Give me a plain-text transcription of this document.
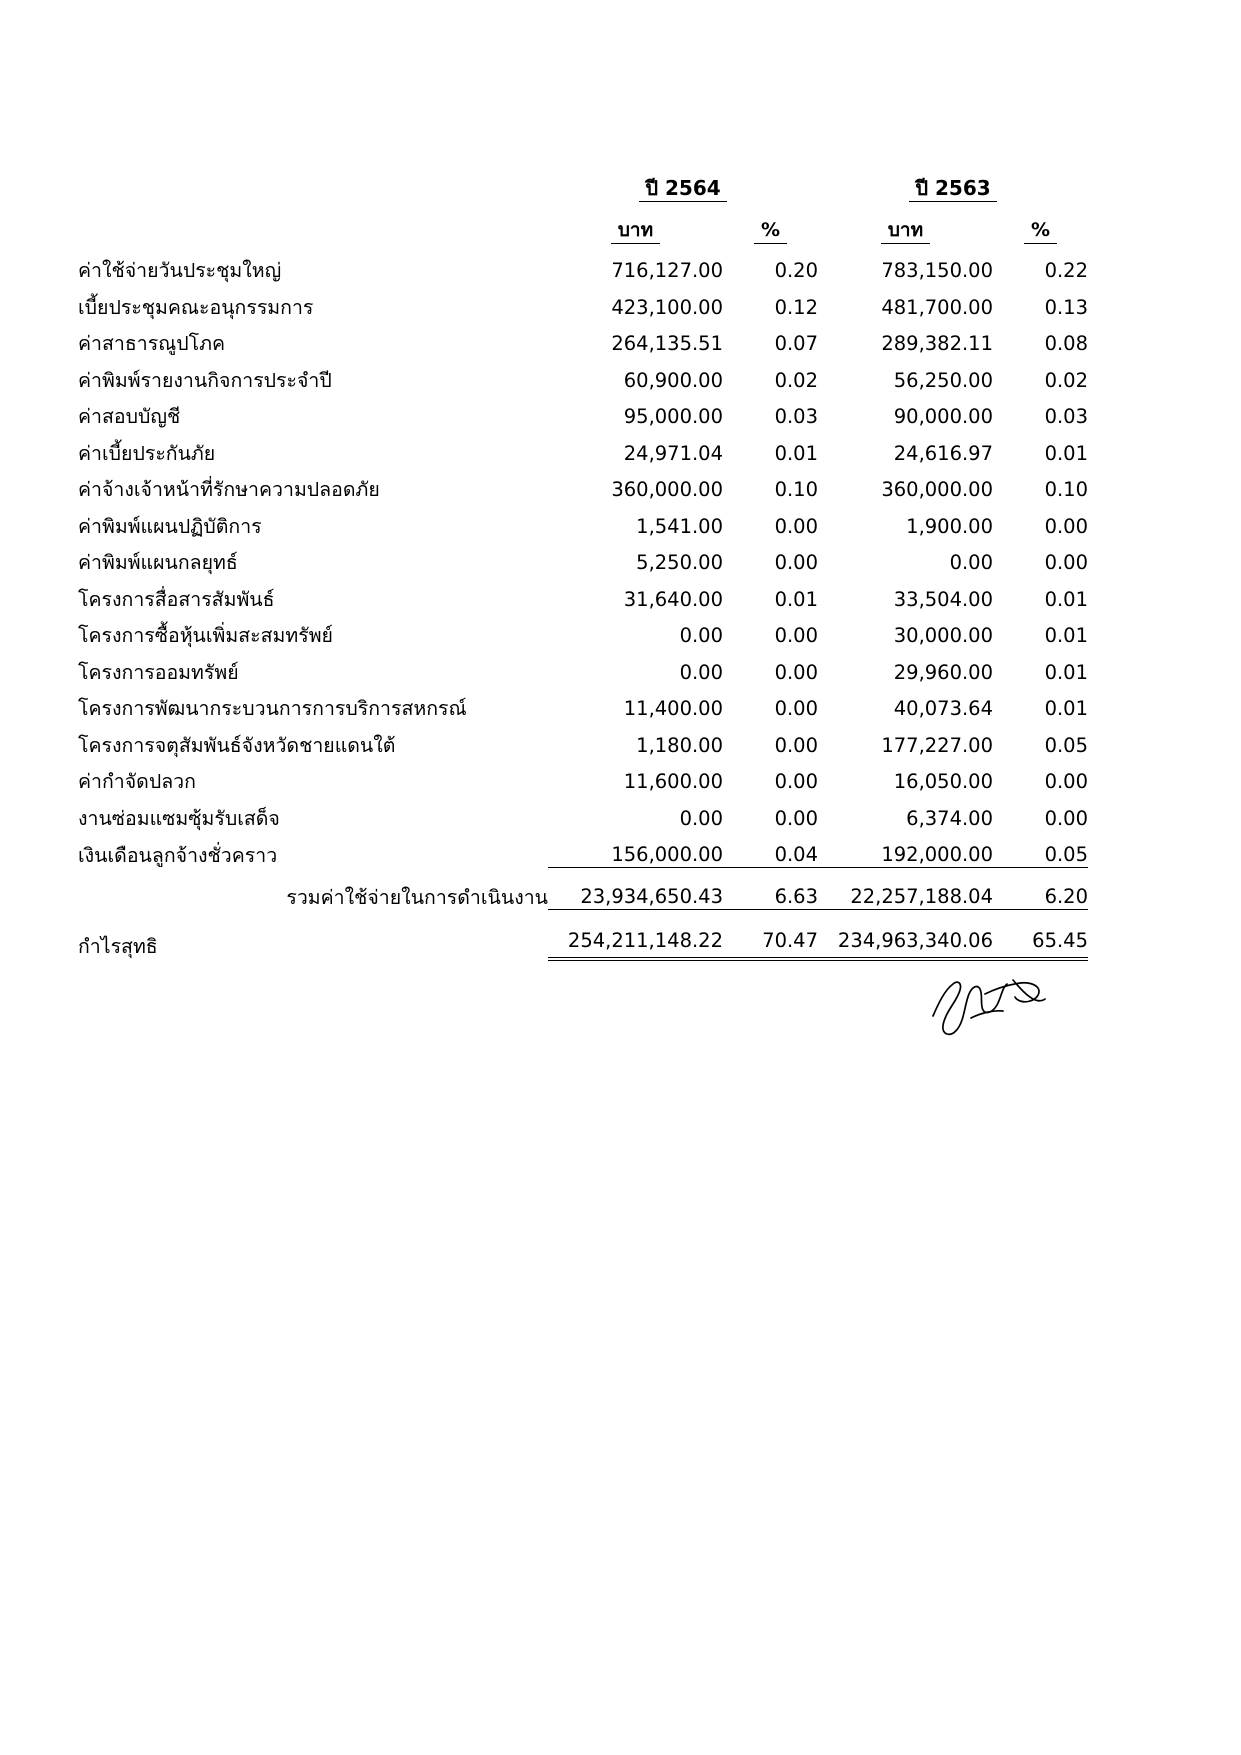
	ปี 2564		ปี 2563	
	บาท	%	บาท	%
ค่าใช้จ่ายวันประชุมใหญ่	716,127.00	0.20	783,150.00	0.22
เบี้ยประชุมคณะอนุกรรมการ	423,100.00	0.12	481,700.00	0.13
ค่าสาธารณูปโภค	264,135.51	0.07	289,382.11	0.08
ค่าพิมพ์รายงานกิจการประจำปี	60,900.00	0.02	56,250.00	0.02
ค่าสอบบัญชี	95,000.00	0.03	90,000.00	0.03
ค่าเบี้ยประกันภัย	24,971.04	0.01	24,616.97	0.01
ค่าจ้างเจ้าหน้าที่รักษาความปลอดภัย	360,000.00	0.10	360,000.00	0.10
ค่าพิมพ์แผนปฏิบัติการ	1,541.00	0.00	1,900.00	0.00
ค่าพิมพ์แผนกลยุทธ์	5,250.00	0.00	0.00	0.00
โครงการสื่อสารสัมพันธ์	31,640.00	0.01	33,504.00	0.01
โครงการซื้อหุ้นเพิ่มสะสมทรัพย์	0.00	0.00	30,000.00	0.01
โครงการออมทรัพย์	0.00	0.00	29,960.00	0.01
โครงการพัฒนากระบวนการการบริการสหกรณ์	11,400.00	0.00	40,073.64	0.01
โครงการจตุสัมพันธ์จังหวัดชายแดนใต้	1,180.00	0.00	177,227.00	0.05
ค่ากำจัดปลวก	11,600.00	0.00	16,050.00	0.00
งานซ่อมแซมซุ้มรับเสด็จ	0.00	0.00	6,374.00	0.00
เงินเดือนลูกจ้างชั่วคราว	156,000.00	0.04	192,000.00	0.05
รวมค่าใช้จ่ายในการดำเนินงาน	23,934,650.43	6.63	22,257,188.04	6.20
กำไรสุทธิ	254,211,148.22	70.47	234,963,340.06	65.45
